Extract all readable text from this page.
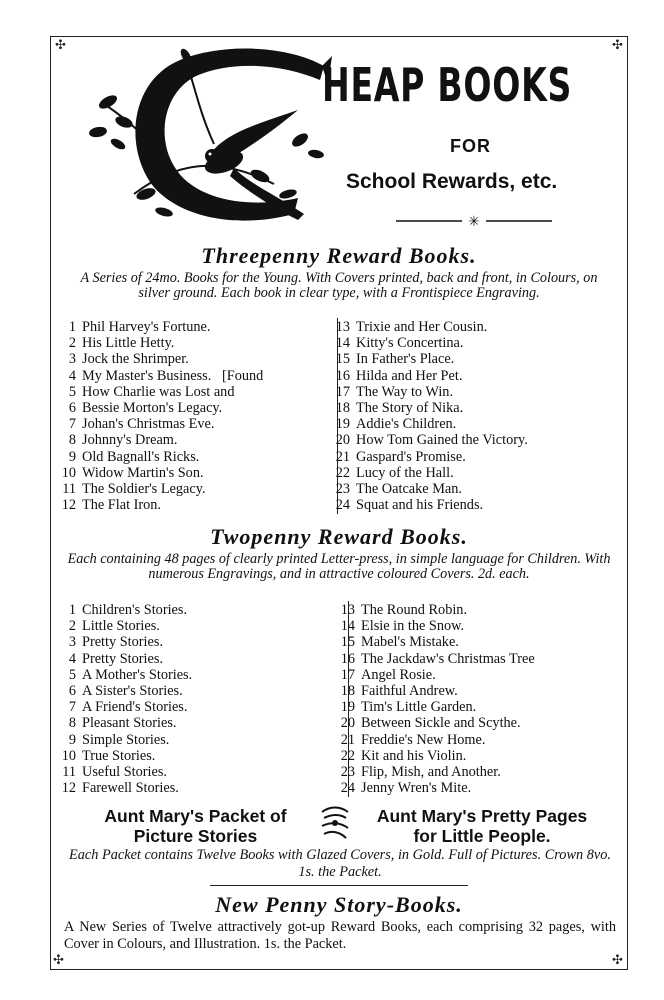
✣	✣
✣	✣
HEAP BOOKS
FOR
School Rewards, etc.
✳
Threepenny Reward Books.
A Series of 24mo. Books for the Young. With Covers printed, back and front, in Colours, on silver ground. Each book in clear type, with a Frontispiece Engraving.
1 Phil Harvey's Fortune.
2 His Little Hetty.
3 Jock the Shrimper.
4 My Master's Business.   [Found
5 How Charlie was Lost and
6 Bessie Morton's Legacy.
7 Johan's Christmas Eve.
8 Johnny's Dream.
9 Old Bagnall's Ricks.
10 Widow Martin's Son.
11 The Soldier's Legacy.
12 The Flat Iron.
13 Trixie and Her Cousin.
14 Kitty's Concertina.
15 In Father's Place.
16 Hilda and Her Pet.
17 The Way to Win.
18 The Story of Nika.
19 Addie's Children.
20 How Tom Gained the Victory.
21 Gaspard's Promise.
22 Lucy of the Hall.
23 The Oatcake Man.
24 Squat and his Friends.
Twopenny Reward Books.
Each containing 48 pages of clearly printed Letter-press, in simple language for Children. With numerous Engravings, and in attractive coloured Covers. 2d. each.
1 Children's Stories.
2 Little Stories.
3 Pretty Stories.
4 Pretty Stories.
5 A Mother's Stories.
6 A Sister's Stories.
7 A Friend's Stories.
8 Pleasant Stories.
9 Simple Stories.
10 True Stories.
11 Useful Stories.
12 Farewell Stories.
13 The Round Robin.
14 Elsie in the Snow.
15 Mabel's Mistake.
16 The Jackdaw's Christmas Tree
17 Angel Rosie.
18 Faithful Andrew.
19 Tim's Little Garden.
20 Between Sickle and Scythe.
21 Freddie's New Home.
22 Kit and his Violin.
23 Flip, Mish, and Another.
24 Jenny Wren's Mite.
Aunt Mary's Packet of
Picture Stories
Aunt Mary's Pretty Pages
for Little People.
Each Packet contains Twelve Books with Glazed Covers, in Gold. Full of Pictures. Crown 8vo. 1s. the Packet.
New Penny Story-Books.
A New Series of Twelve attractively got-up Reward Books, each comprising 32 pages, with Cover in Colours, and Illustration. 1s. the Packet.
